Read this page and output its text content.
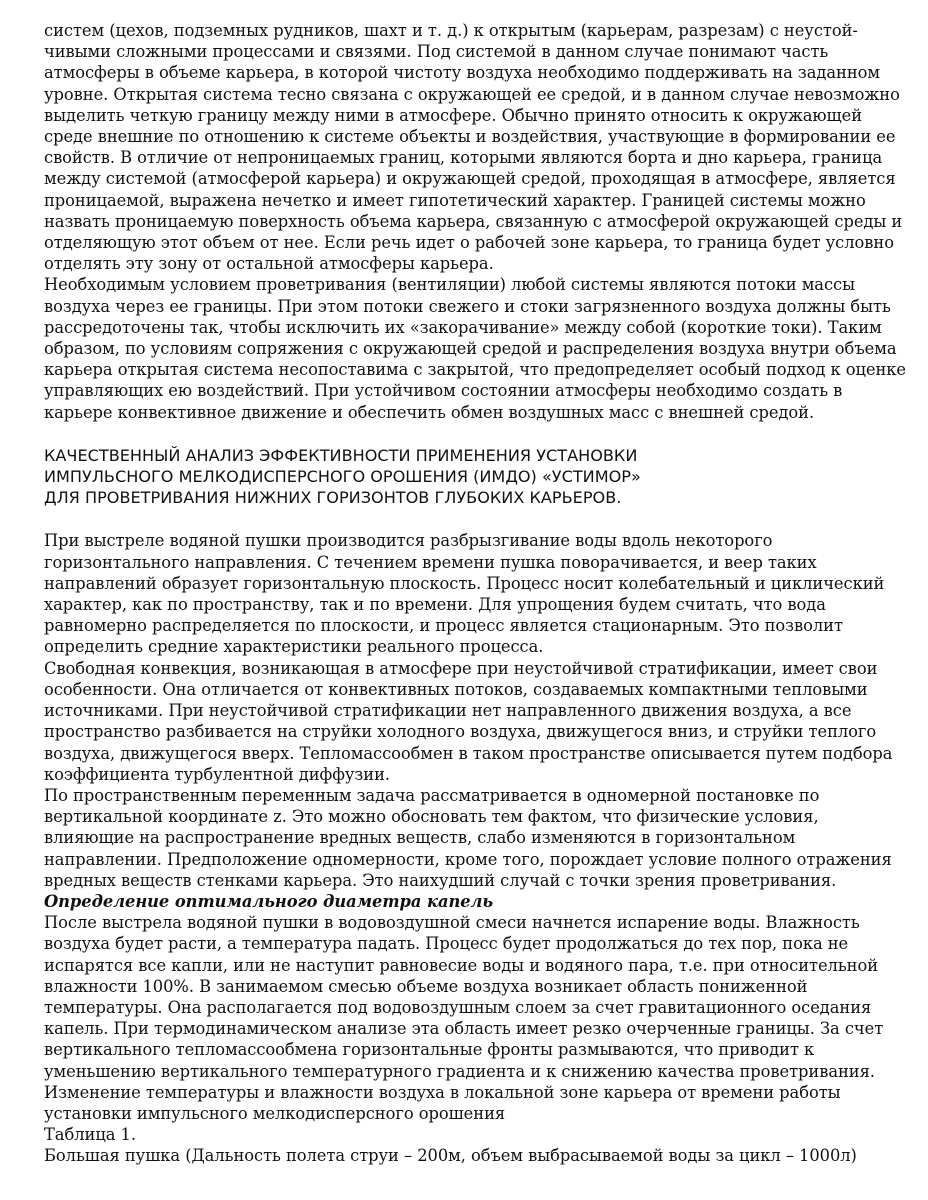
систем (цехов, подземных рудников, шахт и т. д.) к открытым (карьерам, разрезам) с неустой-чивыми сложными процессами и связями. Под системой в данном случае понимают часть атмосферы в объеме карьера, в которой чистоту воздуха необходимо поддерживать на заданном уровне. Открытая система тесно связана с окружающей ее средой, и в данном случае невозможно выделить четкую границу между ними в атмосфере. Обычно принято относить к окружающей среде внешние по отношению к системе объекты и воздействия, участвующие в формировании ее свойств. В отличие от непроницаемых границ, которыми являются борта и дно карьера, граница между системой (атмосферой карьера) и окружающей средой, проходящая в атмосфере, является проницаемой, выражена нечетко и имеет гипотетический характер. Границей системы можно назвать проницаемую поверхность объема карьера, связанную с атмосферой окружающей среды и отделяющую этот объем от нее. Если речь идет о рабочей зоне карьера, то граница будет условно отделять эту зону от остальной атмосферы карьера.

Необходимым условием проветривания (вентиляции) любой системы являются потоки массы воздуха через ее границы. При этом потоки свежего и стоки загрязненного воздуха должны быть рассредоточены так, чтобы исключить их «закорачивание» между собой (короткие токи). Таким образом, по условиям сопряжения с окружающей средой и распределения воздуха внутри объема карьера открытая система несопоставима с закрытой, что предопределяет особый подход к оценке управляющих ею воздействий. При устойчивом состоянии атмосферы необходимо создать в карьере конвективное движение и обеспечить обмен воздушных масс с внешней средой.

КАЧЕСТВЕННЫЙ АНАЛИЗ ЭФФЕКТИВНОСТИ ПРИМЕНЕНИЯ УСТАНОВКИ
ИМПУЛЬСНОГО МЕЛКОДИСПЕРСНОГО ОРОШЕНИЯ (ИМДО) «УСТИМОР»
ДЛЯ ПРОВЕТРИВАНИЯ НИЖНИХ ГОРИЗОНТОВ ГЛУБОКИХ КАРЬЕРОВ.

При выстреле водяной пушки производится разбрызгивание воды вдоль некоторого горизонтального направления. С течением времени пушка поворачивается, и веер таких направлений образует горизонтальную плоскость. Процесс носит колебательный и циклический характер, как по пространству, так и по времени. Для упрощения будем считать, что вода равномерно распределяется по плоскости, и процесс является стационарным. Это позволит определить средние характеристики реального процесса.

Свободная конвекция, возникающая в атмосфере при неустойчивой стратификации, имеет свои особенности. Она отличается от конвективных потоков, создаваемых компактными тепловыми источниками. При неустойчивой стратификации нет направленного движения воздуха, а все пространство разбивается на струйки холодного воздуха, движущегося вниз, и струйки теплого воздуха, движущегося вверх. Тепломассообмен в таком пространстве описывается путем подбора коэффициента турбулентной диффузии.

По пространственным переменным задача рассматривается в одномерной постановке по вертикальной координате z. Это можно обосновать тем фактом, что физические условия, влияющие на распространение вредных веществ, слабо изменяются в горизонтальном направлении. Предположение одномерности, кроме того, порождает условие полного отражения вредных веществ стенками карьера. Это наихудший случай с точки зрения проветривания.

Определение оптимального диаметра капель

После выстрела водяной пушки в водовоздушной смеси начнется испарение воды. Влажность воздуха будет расти, а температура падать. Процесс будет продолжаться до тех пор, пока не испарятся все капли, или не наступит равновесие воды и водяного пара, т.е. при относительной влажности 100%. В занимаемом смесью объеме воздуха возникает область пониженной температуры. Она располагается под водовоздушным слоем за счет гравитационного оседания капель. При термодинамическом анализе эта область имеет резко очерченные границы. За счет вертикального тепломассообмена горизонтальные фронты размываются, что приводит к уменьшению вертикального температурного градиента и к снижению качества проветривания.

Изменение температуры и влажности воздуха в локальной зоне карьера от времени работы установки импульсного мелкодисперсного орошения

Таблица 1.

Большая пушка (Дальность полета струи – 200м, объем выбрасываемой воды за цикл – 1000л)
